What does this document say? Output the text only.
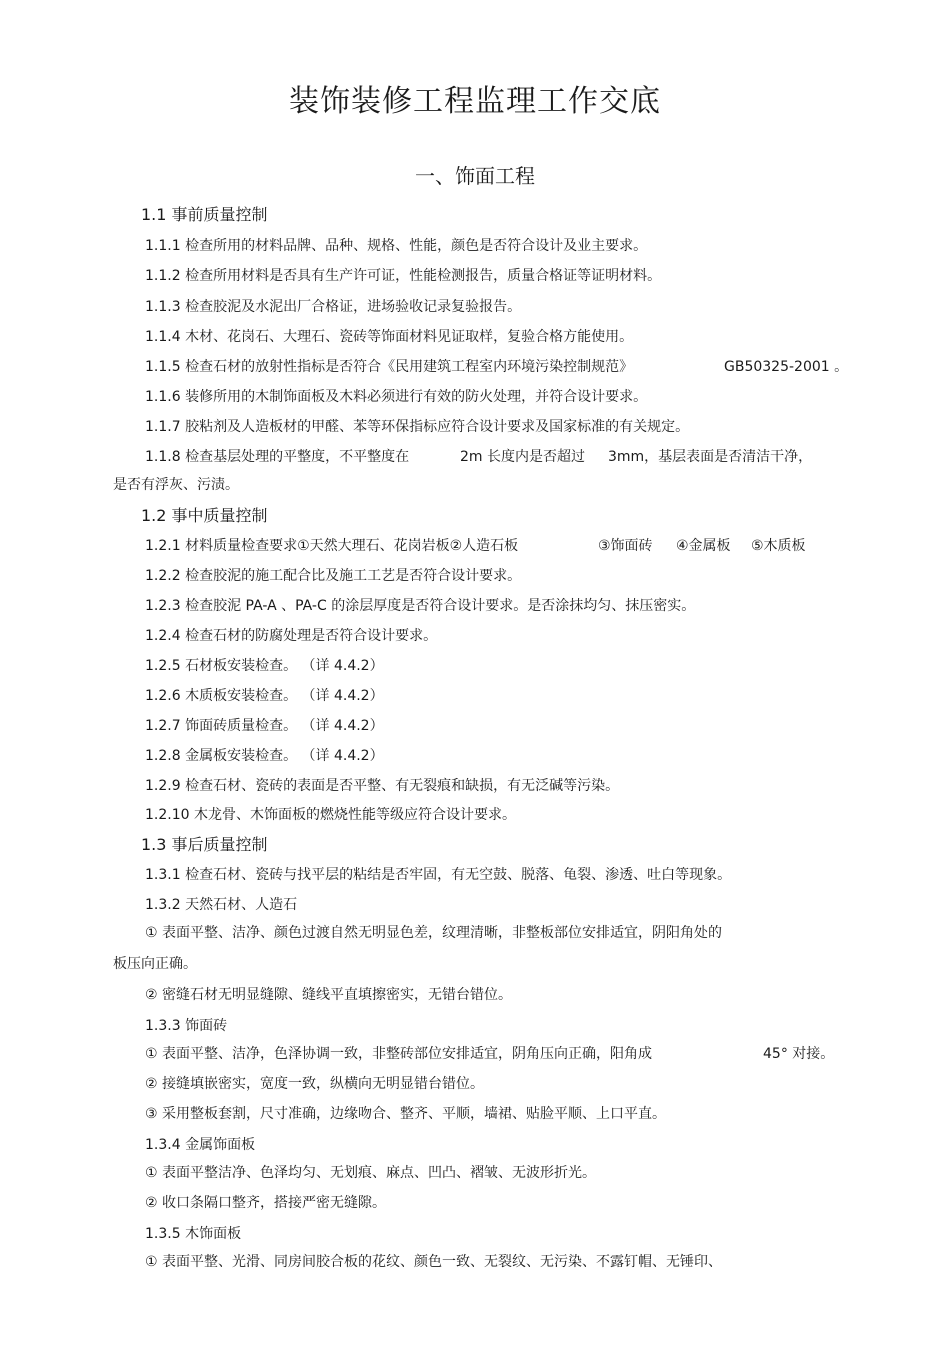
装饰装修工程监理工作交底
一、饰面工程
1.1 事前质量控制
1.1.1 检查所用的材料品牌、品种、规格、性能，颜色是否符合设计及业主要求。
1.1.2 检查所用材料是否具有生产许可证，性能检测报告，质量合格证等证明材料。
1.1.3 检查胶泥及水泥出厂合格证，进场验收记录复验报告。
1.1.4 木材、花岗石、大理石、瓷砖等饰面材料见证取样，复验合格方能使用。
1.1.5 检查石材的放射性指标是否符合《民用建筑工程室内环境污染控制规范》	GB50325-2001 。
1.1.6 装修所用的木制饰面板及木料必须进行有效的防火处理，并符合设计要求。
1.1.7 胶粘剂及人造板材的甲醛、苯等环保指标应符合设计要求及国家标准的有关规定。
1.1.8 检查基层处理的平整度，不平整度在	2m 长度内是否超过 3mm，基层表面是否清洁干净，
是否有浮灰、污渍。
1.2 事中质量控制
1.2.1 材料质量检查要求①天然大理石、花岗岩板②人造石板	③饰面砖 ④金属板 ⑤木质板
1.2.2 检查胶泥的施工配合比及施工工艺是否符合设计要求。
1.2.3 检查胶泥 PA-A 、PA-C 的涂层厚度是否符合设计要求。是否涂抹均匀、抹压密实。
1.2.4 检查石材的防腐处理是否符合设计要求。
1.2.5 石材板安装检查。 （详 4.4.2）
1.2.6 木质板安装检查。 （详 4.4.2）
1.2.7 饰面砖质量检查。 （详 4.4.2）
1.2.8 金属板安装检查。 （详 4.4.2）
1.2.9 检查石材、瓷砖的表面是否平整、有无裂痕和缺损，有无泛碱等污染。
1.2.10 木龙骨、木饰面板的燃烧性能等级应符合设计要求。
1.3 事后质量控制
1.3.1 检查石材、瓷砖与找平层的粘结是否牢固，有无空鼓、脱落、龟裂、渗透、吐白等现象。
1.3.2 天然石材、人造石
① 表面平整、洁净、颜色过渡自然无明显色差，纹理清晰，非整板部位安排适宜，阴阳角处的
板压向正确。
② 密缝石材无明显缝隙、缝线平直填擦密实，无错台错位。
1.3.3 饰面砖
① 表面平整、洁净，色泽协调一致，非整砖部位安排适宜，阴角压向正确，阳角成	45° 对接。
② 接缝填嵌密实，宽度一致，纵横向无明显错台错位。
③ 采用整板套割，尺寸准确，边缘吻合、整齐、平顺，墙裙、贴脸平顺、上口平直。
1.3.4 金属饰面板
① 表面平整洁净、色泽均匀、无划痕、麻点、凹凸、褶皱、无波形折光。
② 收口条隔口整齐，搭接严密无缝隙。
1.3.5 木饰面板
① 表面平整、光滑、同房间胶合板的花纹、颜色一致、无裂纹、无污染、不露钉帽、无锤印、
